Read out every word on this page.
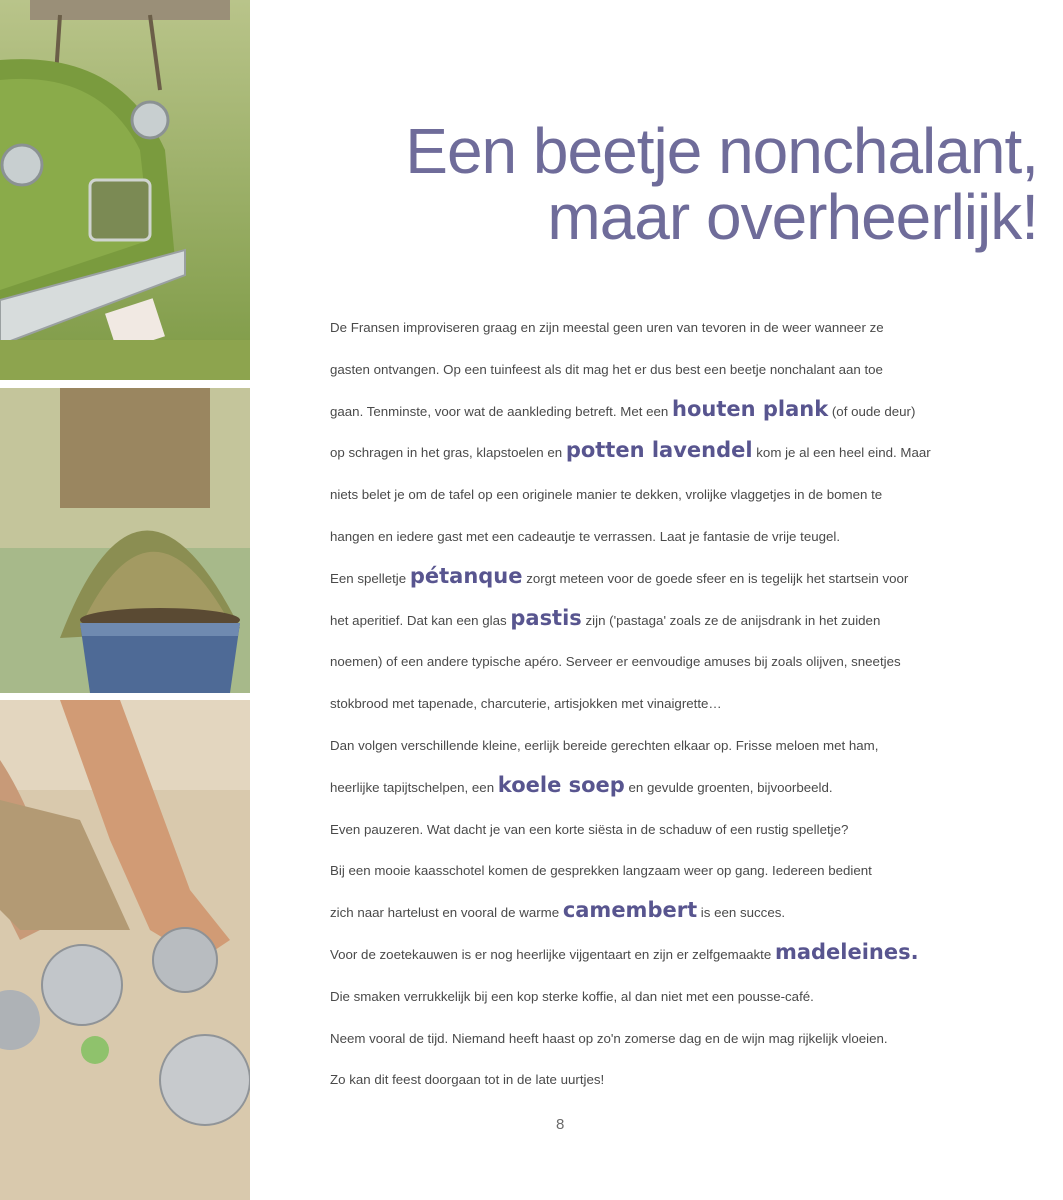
Een beetje nonchalant,
maar overheerlijk!
De Fransen improviseren graag en zijn meestal geen uren van tevoren in de weer wanneer ze
gasten ontvangen. Op een tuinfeest als dit mag het er dus best een beetje nonchalant aan toe
gaan. Tenminste, voor wat de aankleding betreft. Met een houten plank (of oude deur)
op schragen in het gras, klapstoelen en potten lavendel kom je al een heel eind. Maar
niets belet je om de tafel op een originele manier te dekken, vrolijke vlaggetjes in de bomen te
hangen en iedere gast met een cadeautje te verrassen. Laat je fantasie de vrije teugel.
Een spelletje pétanque zorgt meteen voor de goede sfeer en is tegelijk het startsein voor
het aperitief. Dat kan een glas pastis zijn ('pastaga' zoals ze de anijsdrank in het zuiden
noemen) of een andere typische apéro. Serveer er eenvoudige amuses bij zoals olijven, sneetjes
stokbrood met tapenade, charcuterie, artisjokken met vinaigrette…
Dan volgen verschillende kleine, eerlijk bereide gerechten elkaar op. Frisse meloen met ham,
heerlijke tapijtschelpen, een koele soep en gevulde groenten, bijvoorbeeld.
Even pauzeren. Wat dacht je van een korte siësta in de schaduw of een rustig spelletje?
Bij een mooie kaasschotel komen de gesprekken langzaam weer op gang. Iedereen bedient
zich naar hartelust en vooral de warme camembert is een succes.
Voor de zoetekauwen is er nog heerlijke vijgentaart en zijn er zelfgemaakte madeleines.
Die smaken verrukkelijk bij een kop sterke koffie, al dan niet met een pousse-café.
Neem vooral de tijd. Niemand heeft haast op zo'n zomerse dag en de wijn mag rijkelijk vloeien.
Zo kan dit feest doorgaan tot in de late uurtjes!
8
